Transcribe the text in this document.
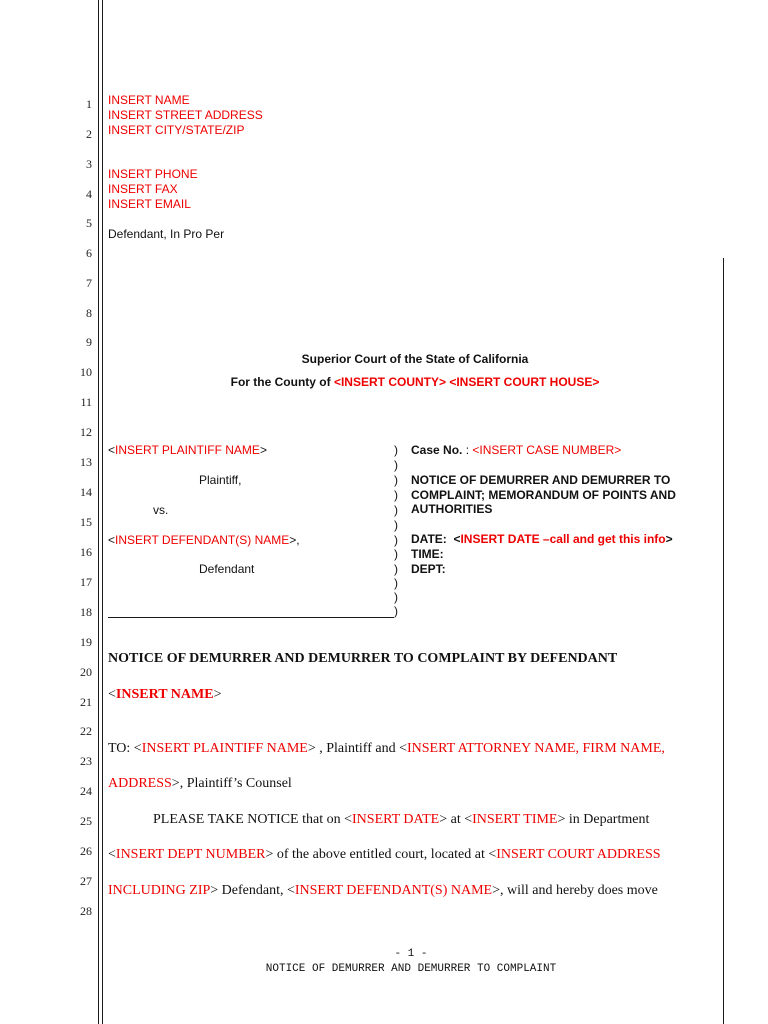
1
2
3
4
5
6
7
8
9
10
11
12
13
14
15
16
17
18
19
20
21
22
23
24
25
26
27
28
INSERT NAME
INSERT STREET ADDRESS
INSERT CITY/STATE/ZIP
INSERT PHONE
INSERT FAX
INSERT EMAIL
Defendant, In Pro Per
Superior Court of the State of California
For the County of <INSERT COUNTY> <INSERT COURT HOUSE>
<INSERT PLAINTIFF NAME>
Plaintiff,
vs.
<INSERT DEFENDANT(S) NAME>,
Defendant
)
)
)
)
)
)
)
)
)
)
)
)
Case No. : <INSERT CASE NUMBER>
NOTICE OF DEMURRER AND DEMURRER TO
COMPLAINT; MEMORANDUM OF POINTS AND
AUTHORITIES
DATE: <INSERT DATE –call and get this info>
TIME:
DEPT:
NOTICE OF DEMURRER AND DEMURRER TO COMPLAINT BY DEFENDANT
<INSERT NAME>
TO: <INSERT PLAINTIFF NAME> , Plaintiff and <INSERT ATTORNEY NAME, FIRM NAME,
ADDRESS>, Plaintiff’s Counsel
PLEASE TAKE NOTICE that on <INSERT DATE> at <INSERT TIME> in Department
<INSERT DEPT NUMBER> of the above entitled court, located at <INSERT COURT ADDRESS
INCLUDING ZIP> Defendant, <INSERT DEFENDANT(S) NAME>, will and hereby does move
- 1 -
NOTICE OF DEMURRER AND DEMURRER TO COMPLAINT
